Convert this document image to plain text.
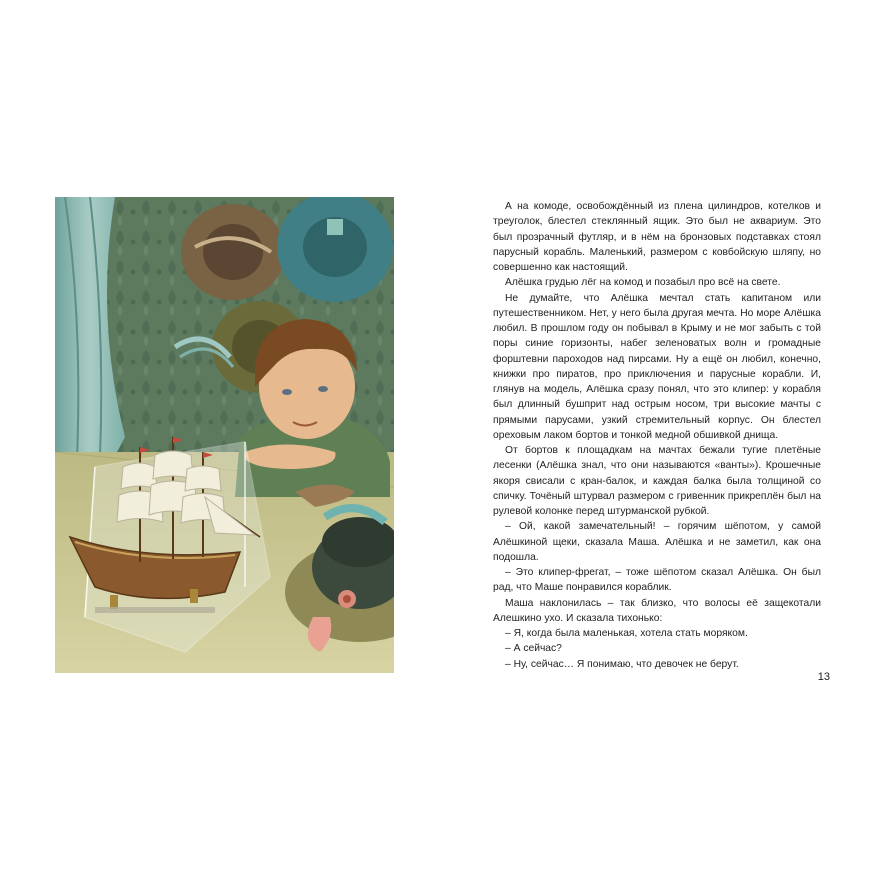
А на комоде, освобождённый из плена цилиндров, котелков и треуголок, блестел стеклянный ящик. Это был не аквариум. Это был прозрачный футляр, и в нём на бронзовых подставках стоял парусный корабль. Маленький, размером с ковбойскую шляпу, но совершенно как настоящий.

Алёшка грудью лёг на комод и позабыл про всё на свете.

Не думайте, что Алёшка мечтал стать капитаном или путешественником. Нет, у него была другая мечта. Но море Алёшка любил. В прошлом году он побывал в Крыму и не мог забыть с той поры синие горизонты, набег зеленоватых волн и громадные форштевни пароходов над пирсами. Ну а ещё он любил, конечно, книжки про пиратов, про приключения и парусные корабли. И, глянув на модель, Алёшка сразу понял, что это клипер: у корабля был длинный бушприт над острым носом, три высокие мачты с прямыми парусами, узкий стремительный корпус. Он блестел ореховым лаком бортов и тонкой медной обшивкой днища.

От бортов к площадкам на мачтах бежали тугие плетёные лесенки (Алёшка знал, что они называются «ванты»). Крошечные якоря свисали с кран-балок, и каждая балка была толщиной со спичку. Точёный штурвал размером с гривенник прикреплён был на рулевой колонке перед штурманской рубкой.

– Ой, какой замечательный! – горячим шёпотом, у самой Алёшкиной щеки, сказала Маша. Алёшка и не заметил, как она подошла.

– Это клипер-фрегат, – тоже шёпотом сказал Алёшка. Он был рад, что Маше понравился кораблик.

Маша наклонилась – так близко, что волосы её защекотали Алешкино ухо. И сказала тихонько:

– Я, когда была маленькая, хотела стать моряком.

– А сейчас?

– Ну, сейчас… Я понимаю, что девочек не берут.

13
